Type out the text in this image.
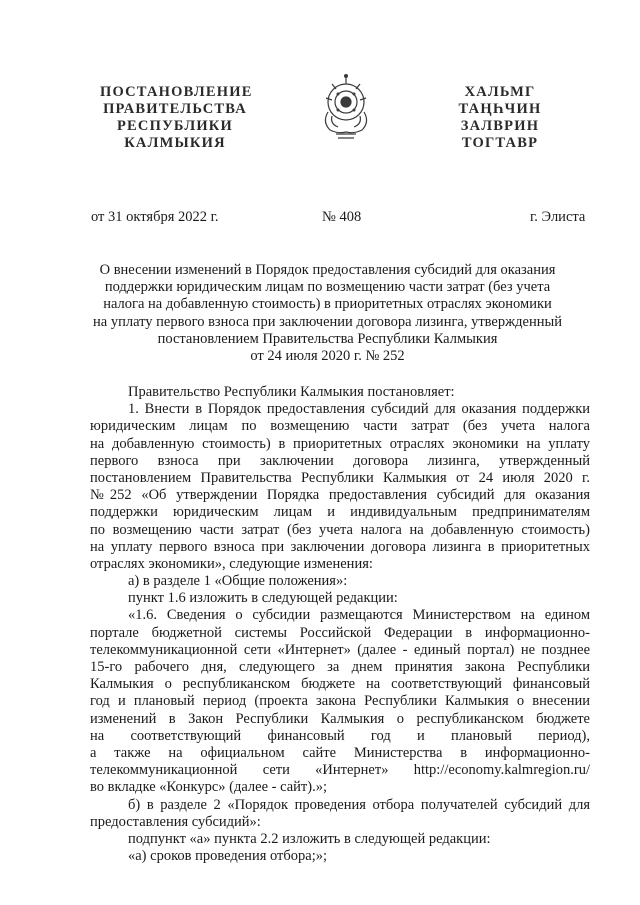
ПОСТАНОВЛЕНИЕ
ПРАВИТЕЛЬСТВА
РЕСПУБЛИКИ
КАЛМЫКИЯ
ХАЛЬМГ
ТАҢҺЧИН
ЗАЛВРИН
ТОГТАВР
от 31 октября 2022 г.	№ 408	г. Элиста
О внесении изменений в Порядок предоставления субсидий для оказания
поддержки юридическим лицам по возмещению части затрат (без учета
налога на добавленную стоимость) в приоритетных отраслях экономики
на уплату первого взноса при заключении договора лизинга, утвержденный
постановлением Правительства Республики Калмыкия
от 24 июля 2020 г. № 252
Правительство Республики Калмыкия постановляет:
1. Внести в Порядок предоставления субсидий для оказания поддержки
юридическим лицам по возмещению части затрат (без учета налога
на добавленную стоимость) в приоритетных отраслях экономики на уплату
первого взноса при заключении договора лизинга, утвержденный
постановлением Правительства Республики Калмыкия от 24 июля 2020 г.
№252 «Об утверждении Порядка предоставления субсидий для оказания
поддержки юридическим лицам и индивидуальным предпринимателям
по возмещению части затрат (без учета налога на добавленную стоимость)
на уплату первого взноса при заключении договора лизинга в приоритетных
отраслях экономики», следующие изменения:
а) в разделе 1 «Общие положения»:
пункт 1.6 изложить в следующей редакции:
«1.6. Сведения о субсидии размещаются Министерством на едином
портале бюджетной системы Российской Федерации в информационно-
телекоммуникационной сети «Интернет» (далее - единый портал) не позднее
15-го рабочего дня, следующего за днем принятия закона Республики
Калмыкия о республиканском бюджете на соответствующий финансовый
год и плановый период (проекта закона Республики Калмыкия о внесении
изменений в Закон Республики Калмыкия о республиканском бюджете
на соответствующий финансовый год и плановый период),
а также на официальном сайте Министерства в информационно-
телекоммуникационной сети «Интернет» http://economy.kalmregion.ru/
во вкладке «Конкурс» (далее - сайт).»;
б) в разделе 2 «Порядок проведения отбора получателей субсидий для
предоставления субсидий»:
подпункт «а» пункта 2.2 изложить в следующей редакции:
«а) сроков проведения отбора;»;
